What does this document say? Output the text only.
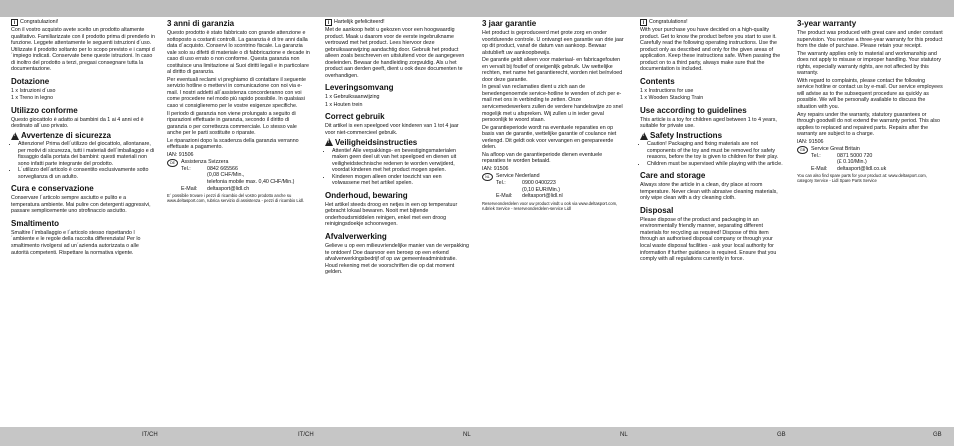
i Congratulazioni!

Con il vostro acquisto avete scelto un prodotto altamente qualitativo. Familiarizzate con il prodotto prima di prenderlo in funzione. Leggete attentamente le seguenti istruzioni d´uso. Utilizzate il prodotto soltanto per lo scopo previsto e i campi d´impiego indicati. Conservate bene queste istruzioni. In caso di inoltro del prodotto a terzi, pregasi consegnare tutta la documentazione.

Dotazione

1 x Istruzioni d´uso

1 x Treno in legno

Utilizzo conforme

Questo giocattolo è adatto ai bambini da 1 ai 4 anni ed è destinato all´uso privato.

!
Avvertenze di sicurezza
• Attenzione! Prima dell´utilizzo del giocattolo, allontanare, per motivi di sicurezza, tutti i materiali dell´imballaggio e di fissaggio dalla portata dei bambini: questi materiali non sono infatti parte integrante del prodotto.
• L´utilizzo dell´articolo è consentito esclusivamente sotto sorveglianza di un adulto.
Cura e conservazione

Conservare l´articolo sempre asciutto e pulito e a temperatura ambiente. Mai pulire con detergenti aggressivi, passare semplicemente uno strofinaccio asciutto.

Smaltimento

Smaltire l´imballaggio e l´articolo stesso rispettando l´ambiente e le regole della raccolta differenziata! Per lo smaltimento rivolgersi ad un´azienda autorizzata o alle autorità competenti. Rispettare la normativa vigente.

3 anni di garanzia

Questo prodotto è stato fabbricato con grande attenzione e sottoposto a costanti controlli. La garanzia è di tre anni dalla data d´acquisto. Conservi lo scontrino fiscale. La garanzia vale solo su difetti di materiale o di fabbricazione e decade in caso di uso errato o non conforme. Questa garanzia non costituisce una limitazione ai Suoi diritti legali e in particolare al diritto di garanzia.

Per eventuali reclami vi preghiamo di contattare il seguente servizio hotline o mettervi in comunicazione con noi via e-mail. I nostri addetti all´assistenza concorderanno con voi come procedere nel modo più rapido possibile. In qualsiasi caso vi consiglieremo per le vostre esigenze specifiche.

Il periodo di garanzia non viene prolungato a seguito di riparazioni effettuate in garanzia, secondo il diritto di garanzia o per correttezza commerciale. Lo stesso vale anche per le parti sostituite o riparate.

Le riparazioni dopo la scadenza della garanzia verranno effettuate a pagamento.

IAN: 91506

DE	Assistenza Svizzera
Tel.:	0842 665566
(0,08 CHF/Min.,
telefonia mobile max. 0,40 CHF/Min.)
E-Mail:	deltasport@lidl.ch

E´ possibile trovare i pezzi di ricambio del vostro prodotto anche su www.deltasport.com, rubrica servizio di assistenza - pezzi di ricambio Lidl.

i Hartelijk gefeliciteerd!

Met de aankoop hebt u gekozen voor een hoogwaardig product. Maak u daarom voor de eerste ingebruikname vertrouwd met het product. Lees hiervoor deze gebruiksaanwijzing aandachtig door. Gebruik het product alleen zoals beschreven en uitsluitend voor de aangegeven doeleinden. Bewaar de handleiding zorgvuldig. Als u het product aan derden geeft, dient u ook deze documenten te overhandigen.

Leveringsomvang

1 x Gebruiksaanwijzing

1 x Houten trein

Correct gebruik

Dit artikel is een speelgoed voor kinderen van 1 tot 4 jaar voor niet-commercieel gebruik.

!
Veiligheidsinstructies
• Attentie! Alle verpakkings- en bevestigingsmaterialen maken geen deel uit van het speelgoed en dienen uit veiligheidstechnische redenen te worden verwijderd, voordat kinderen met het product mogen spelen.
• Kinderen mogen alleen onder toezicht van een volwassene met het artikel spelen.
Onderhoud, bewaring

Het artikel steeds droog en netjes in een op temperatuur gebracht lokaal bewaren. Nooit met bijtende onderhoudsmiddelen reinigen, enkel met een droog reinigingsdoekje schoonvegen.

Afvalverwerking

Gelieve u op een milieuvriendelijke manier van de verpakking te ontdoen! Doe daarvoor een beroep op een erkend afvalverwerkingsbedrijf of op uw gemeenteadministratie. Houd rekening met de voorschriften die op dat moment gelden.

3 jaar garantie

Het product is geproduceerd met grote zorg en onder voortdurende controle. U ontvangt een garantie van drie jaar op dit product, vanaf de datum van aankoop. Bewaar alstublieft uw aankoopbewijs.

De garantie geldt alleen voor materiaal- en fabricagefouten en vervalt bij foutief of oneigenlijk gebruik. Uw wettelijke rechten, met name het garantierecht, worden niet beïnvloed door deze garantie.

In geval van reclamaties dient u zich aan de benedengenoemde service-hotline te wenden of zich per e-mail met ons in verbinding te zetten. Onze servicemedewerkers zullen de verdere handelswijze zo snel mogelijk met u afspreken. Wij zullen u in ieder geval persoonlijk te woord staan.

De garantieperiode wordt na eventuele reparaties en op basis van de garantie, wettelijke garantie of coulance niet verlengd. Dit geldt ook voor vervangen en gerepareerde delen.

Na afloop van de garantieperiode dienen eventuele reparaties te worden betaald.

IAN: 91506

NL	Service Nederland
Tel.:	0900 0400223
(0,10 EUR/Min.)
E-Mail:	deltasport@lidl.nl

Reserveonderdelen voor uw product vindt u ook via www.deltasport.com, rubriek Service - reserveonderdelen-service Lidl

i Congratulations!

With your purchase you have decided on a high-quality product. Get to know the product before you start to use it. Carefully read the following operating instructions. Use the product only as described and only for the given areas of application. Keep these instructions safe. When passing the product on to a third party, always make sure that the documentation is included.

Contents

1 x Instructions for use

1 x Wooden Stacking Train

Use according to guidelines

This article is a toy for children aged between 1 to 4 years, suitable for private use.

!
Safety Instructions
• Caution! Packaging and fixing materials are not components of the toy and must be removed for safety reasons, before the toy is given to children for their play.
• Children must be supervised while playing with the article.
Care and storage

Always store the article in a clean, dry place at room temperature. Never clean with abrasive cleaning materials, only wipe clean with a dry cleaning cloth.

Disposal

Please dispose of the product and packaging in an environmentally friendly manner, separating different materials for recycling as required! Dispose of this item through an authorised disposal company or through your local waste disposal facilities - ask your local authority for information if further guidance is required. Ensure that you comply with all regulations currently in force.

3-year warranty

The product was produced with great care and under constant supervision. You receive a three-year warranty for this product from the date of purchase. Please retain your receipt.

The warranty applies only to material and workmanship and does not apply to misuse or improper handling. Your statutory rights, especially warranty rights, are not affected by this warranty.

With regard to complaints, please contact the following service hotline or contact us by e-mail. Our service employees will advise as to the subsequent procedure as quickly as possible. We will be personally available to discuss the situation with you.

Any repairs under the warranty, statutory guarantees or through goodwill do not extend the warranty period. This also applies to replaced and repaired parts. Repairs after the warranty are subject to a charge.

IAN: 91506

GB	Service Great Britain
Tel.:	0871 5000 720
(£ 0.10/Min.)
E-Mail:	deltasport@lidl.co.uk

You can also find spare parts for your product at: www.deltasport.com, category Service - Lidl Spare Parts Service

IT/CH	IT/CH	NL	NL	GB	GB
